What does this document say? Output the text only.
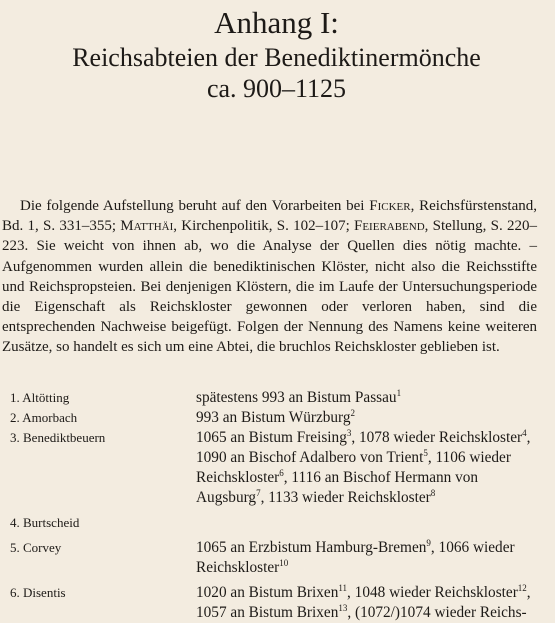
Anhang I:
Reichsabteien der Benediktinermönche
ca. 900–1125

Die folgende Aufstellung beruht auf den Vorarbeiten bei Ficker, Reichsfürstenstand, Bd. 1, S. 331–355; Matthäi, Kirchenpolitik, S. 102–107; Feierabend, Stellung, S. 220–223. Sie weicht von ihnen ab, wo die Analyse der Quellen dies nötig machte. – Aufgenommen wurden allein die benediktinischen Klöster, nicht also die Reichsstifte und Reichspropsteien. Bei denjenigen Klöstern, die im Laufe der Untersuchungsperiode die Eigenschaft als Reichskloster gewonnen oder verloren haben, sind die entsprechenden Nachweise beigefügt. Folgen der Nennung des Namens keine weiteren Zusätze, so handelt es sich um eine Abtei, die bruchlos Reichskloster geblieben ist.

1. Altötting	spätestens 993 an Bistum Passau$^1$
2. Amorbach	993 an Bistum Würzburg$^2$
3. Benediktbeuern	1065 an Bistum Freising$^3$, 1078 wieder Reichskloster$^4$, 1090 an Bischof Adalbero von Trient$^5$, 1106 wieder Reichskloster$^6$, 1116 an Bischof Hermann von Augsburg$^7$, 1133 wieder Reichskloster$^8$
4. Burtscheid
5. Corvey	1065 an Erzbistum Hamburg-Bremen$^9$, 1066 wieder Reichskloster$^{10}$
6. Disentis	1020 an Bistum Brixen$^{11}$, 1048 wieder Reichskloster$^{12}$, 1057 an Bistum Brixen$^{13}$, (1072/)1074 wieder Reichs-
